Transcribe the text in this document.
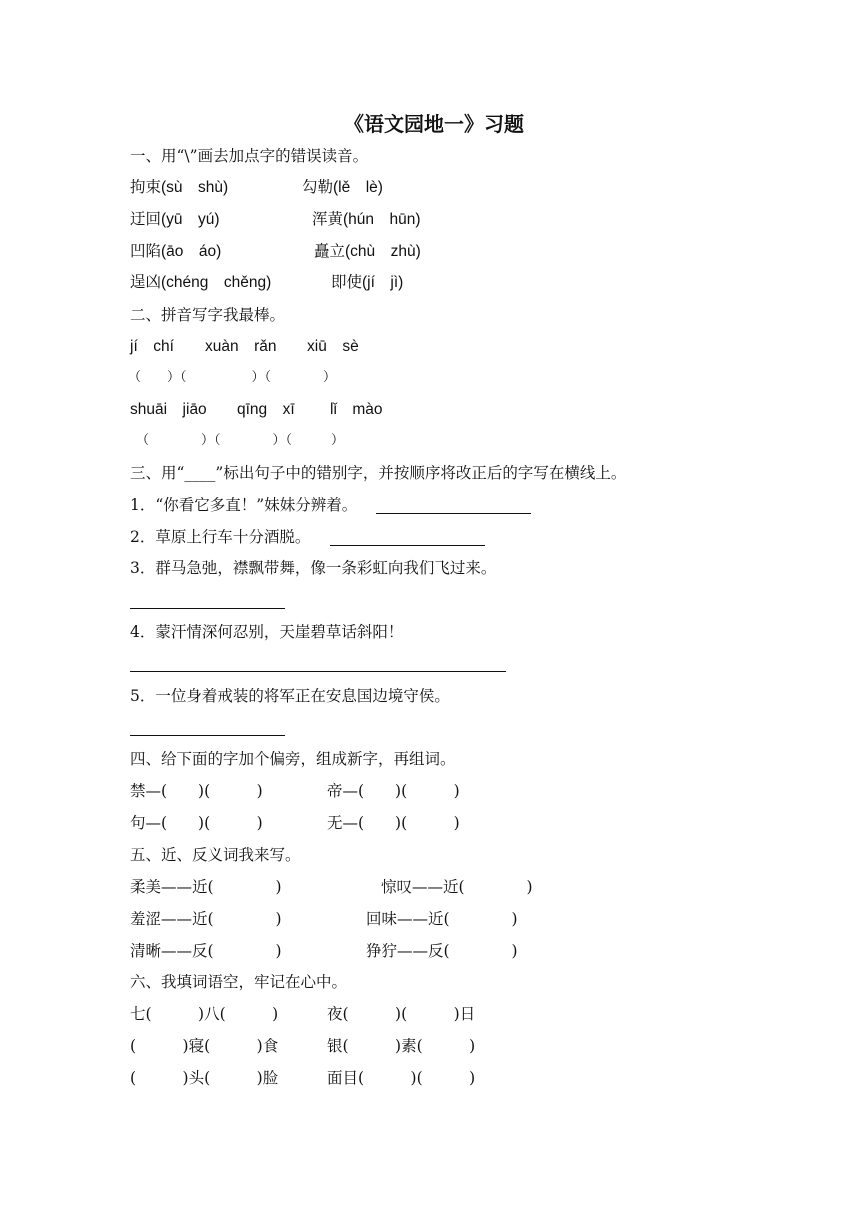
《语文园地一》习题
一、用“\”画去加点字的错误读音。
拘束(sù　shù)	勾勒(lě　lè)
迂回(yū　yú)	浑黄(hún　hūn)
凹陷(āo　áo)	矗立(chù　zhù)
逞凶(chéng　chěng)	即使(jí　jì)
二、拼音写字我最棒。
jí　chí xuàn　rǎn xiū　sè
（　　）（　　　　　）（　　　　）
shuāi　jiāo qīng　xī lǐ　mào
（　　　　）（　　　　）（　　　）
三、用“____”标出句子中的错别字，并按顺序将改正后的字写在横线上。
1．“你看它多直！”妹妹分辨着。
2．草原上行车十分酒脱。
3．群马急弛，襟飘带舞，像一条彩虹向我们飞过来。
4．蒙汗情深何忍别，天崖碧草话斜阳！
5．一位身着戒装的将军正在安息国边境守侯。
四、给下面的字加个偏旁，组成新字，再组词。
禁—(　　)(　　　)	帝—(　　)(　　　)
句—(　　)(　　　)	无—(　　)(　　　)
五、近、反义词我来写。
柔美——近(　　　　)	惊叹——近(　　　　)
羞涩——近(　　　　)	回味——近(　　　　)
清晰——反(　　　　)	狰狞——反(　　　　)
六、我填词语空，牢记在心中。
七(　　　)八(　　　)	夜(　　　)(　　　)日
(　　　)寝(　　　)食	银(　　　)素(　　　)
(　　　)头(　　　)脸	面目(　　　)(　　　)
